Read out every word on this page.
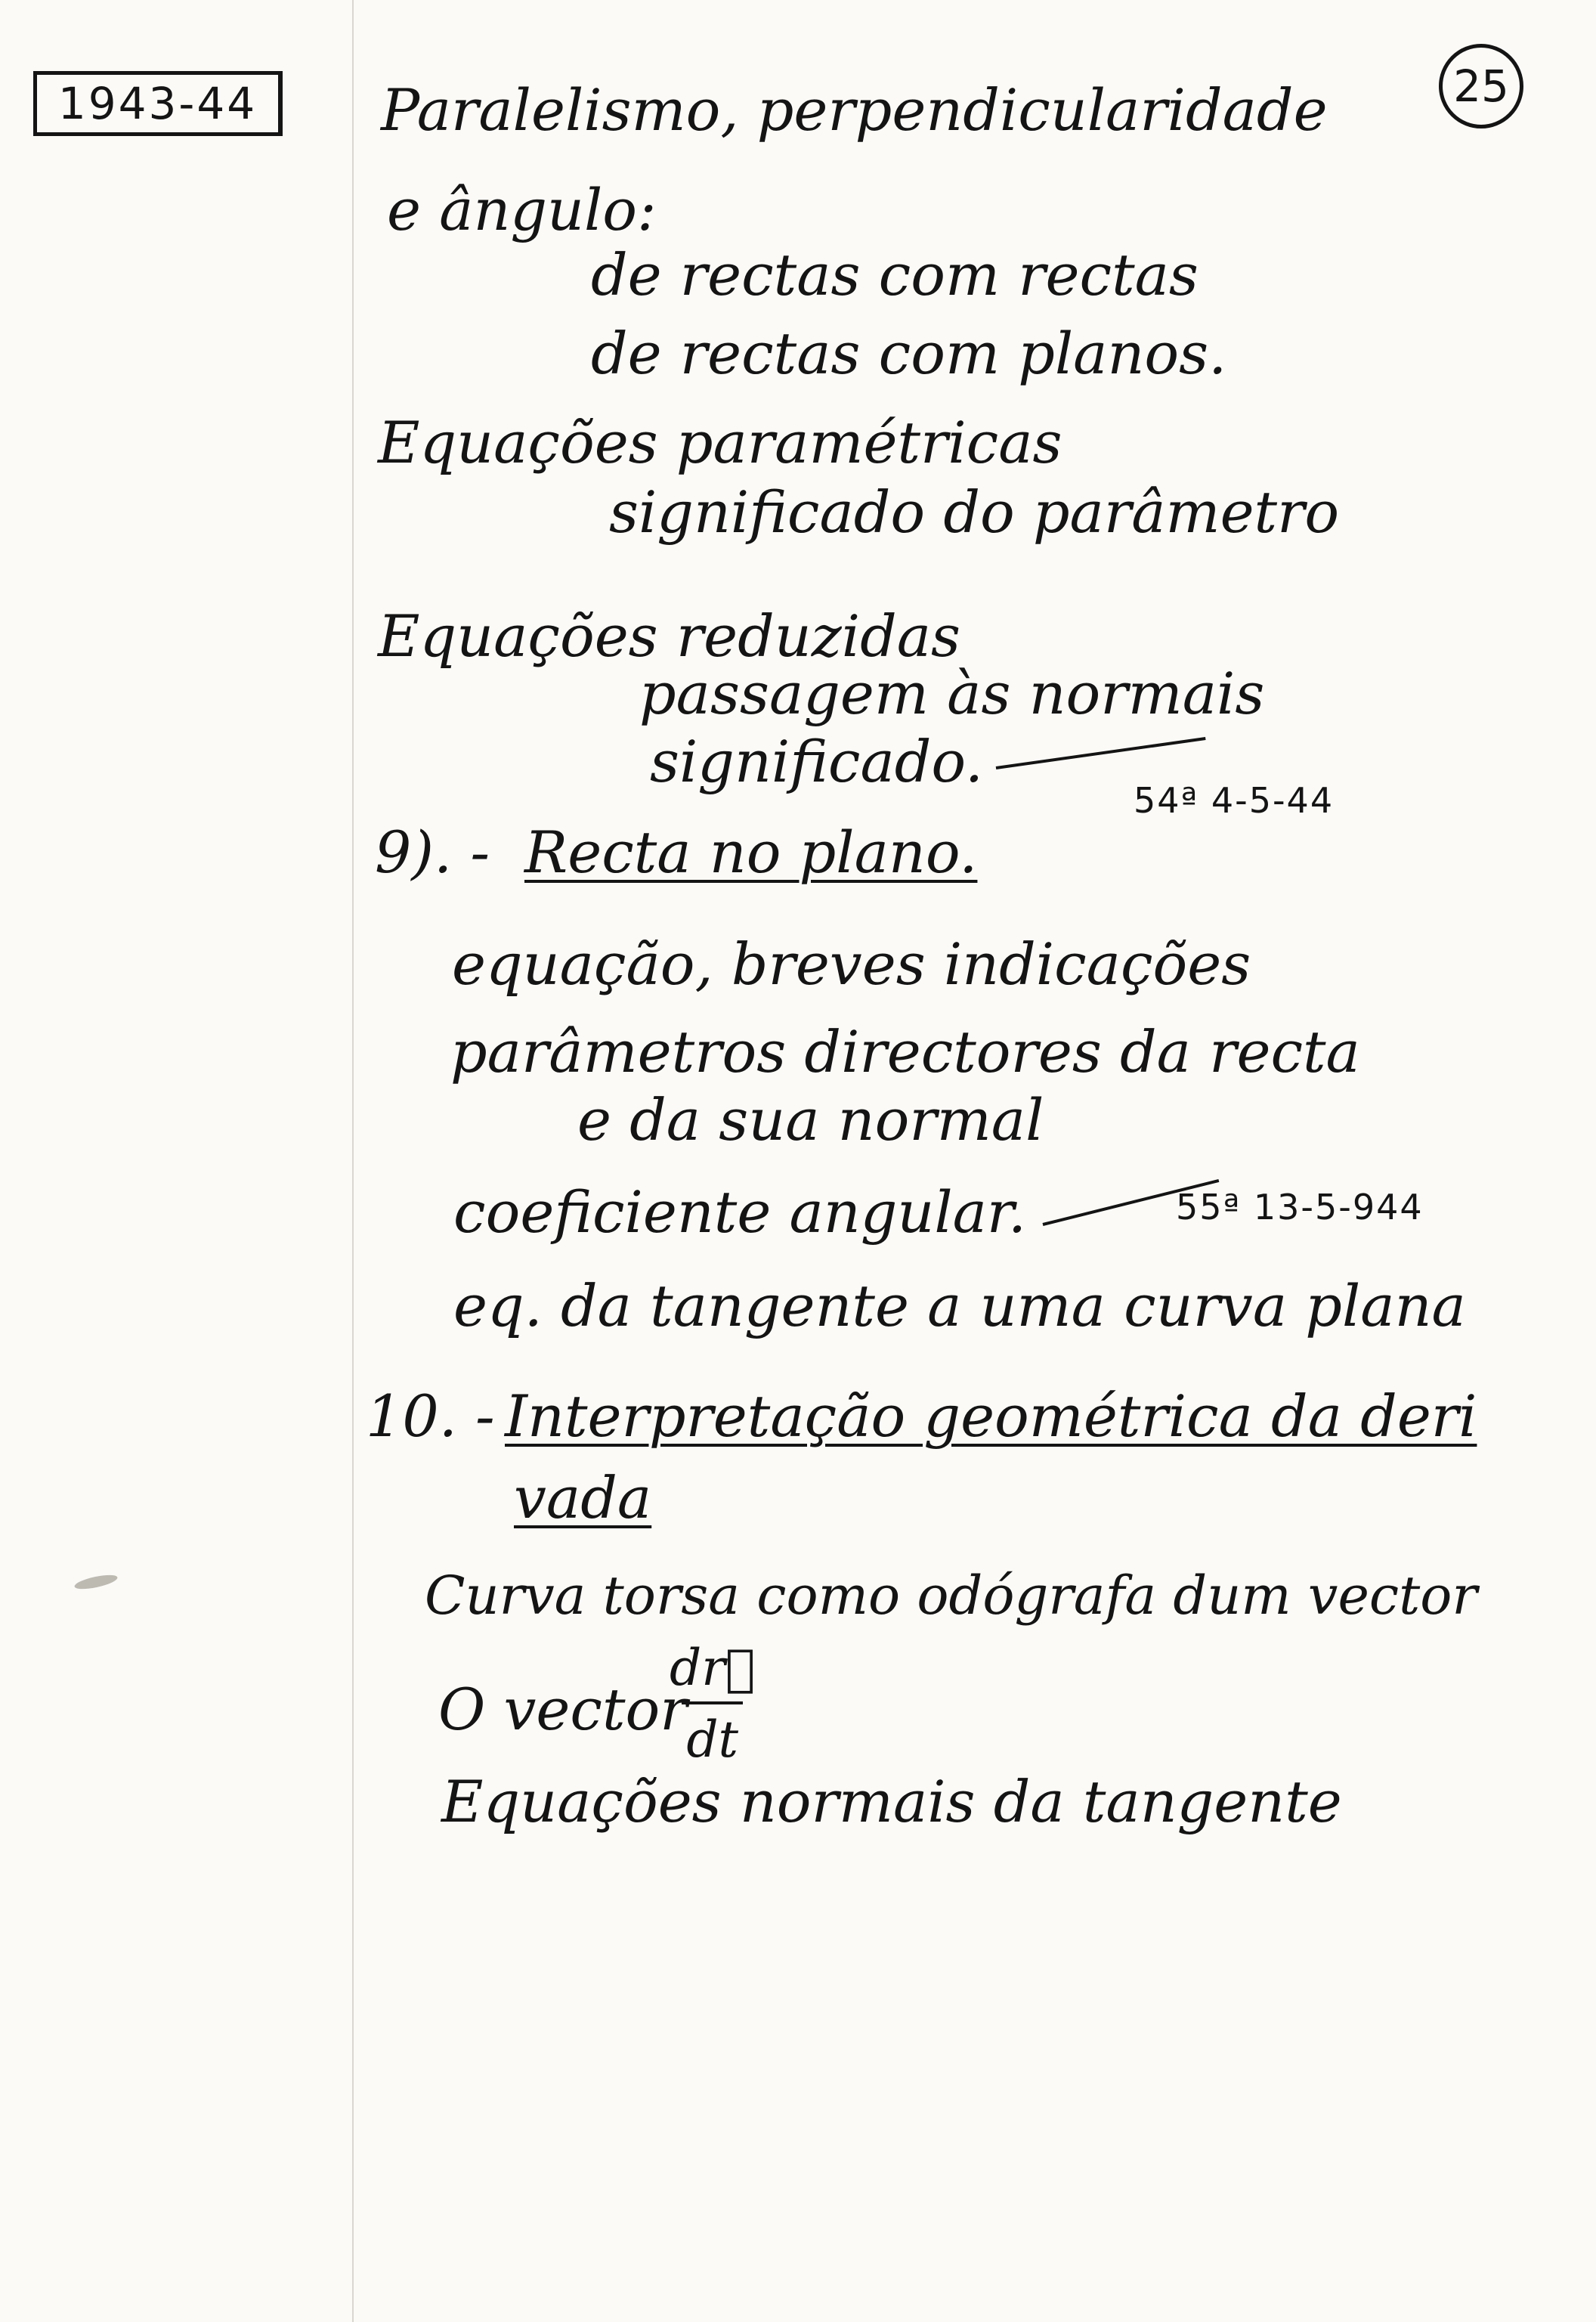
1943-44	25
Paralelismo, perpendicularidade
e ângulo:
de rectas com rectas
de rectas com planos.
Equações paramétricas
significado do parâmetro
Equações reduzidas
passagem às normais
significado.
54ª 4-5-44
9). - Recta no plano.
equação, breves indicações
parâmetros directores da recta
e da sua normal
coeficiente angular.	55ª 13-5-944
eq. da tangente a uma curva plana
10. - Interpretação geométrica da deri
vada
Curva torsa como odógrafa dum vector
O vector
$\frac{dr⃗}{dt}$
Equações normais da tangente
